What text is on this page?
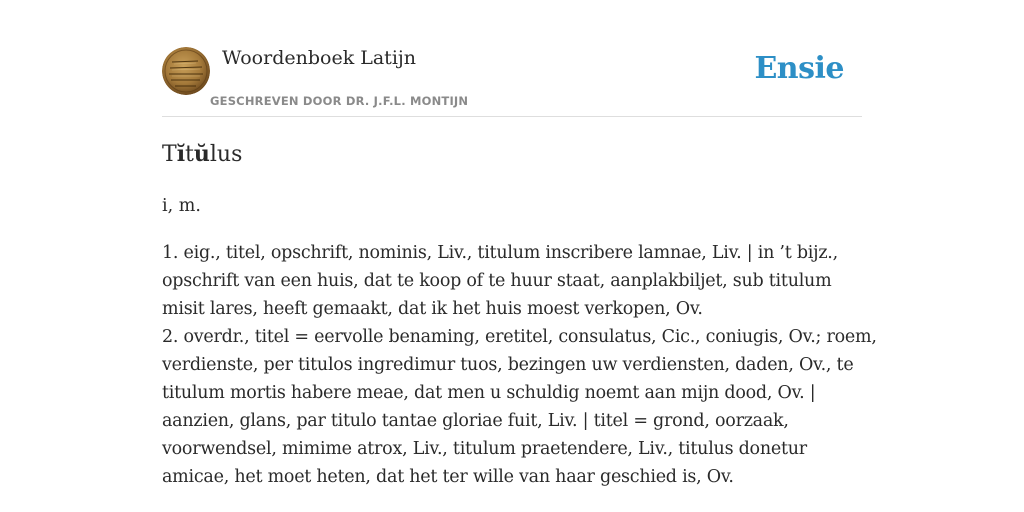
Woordenboek Latijn
GESCHREVEN DOOR DR. J.F.L. MONTIJN
Ensie
Tĭtŭlus
i, m.
1. eig., titel, opschrift, nominis, Liv., titulum inscribere lamnae, Liv. | in ’t bijz.,
opschrift van een huis, dat te koop of te huur staat, aanplakbiljet, sub titulum
misit lares, heeft gemaakt, dat ik het huis moest verkopen, Ov.
2. overdr., titel = eervolle benaming, eretitel, consulatus, Cic., coniugis, Ov.; roem,
verdienste, per titulos ingredimur tuos, bezingen uw verdiensten, daden, Ov., te
titulum mortis habere meae, dat men u schuldig noemt aan mijn dood, Ov. |
aanzien, glans, par titulo tantae gloriae fuit, Liv. | titel = grond, oorzaak,
voorwendsel, mimime atrox, Liv., titulum praetendere, Liv., titulus donetur
amicae, het moet heten, dat het ter wille van haar geschied is, Ov.
